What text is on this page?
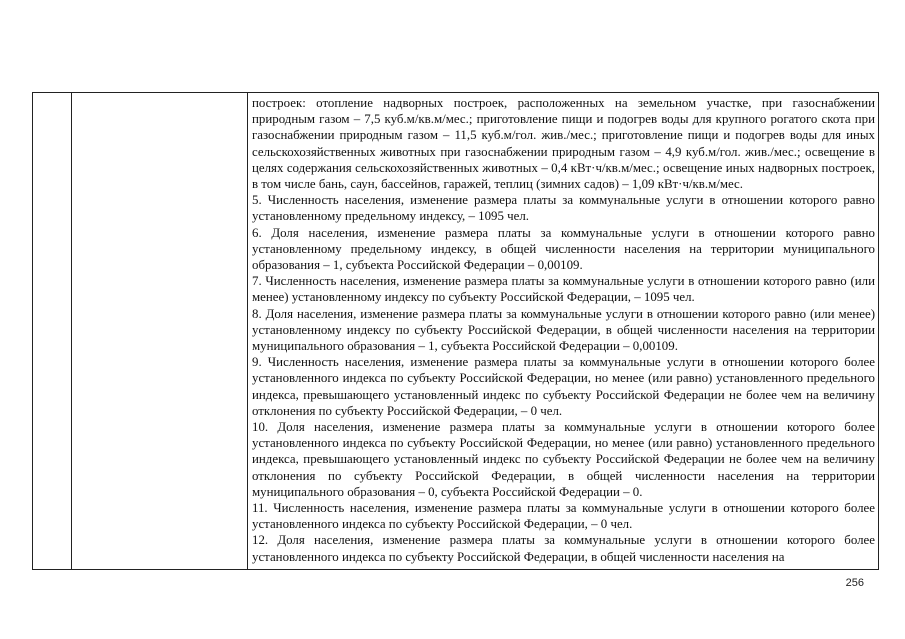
построек: отопление надворных построек, расположенных на земельном участке, при газоснабжении природным газом – 7,5 куб.м/кв.м/мес.; приготовление пищи и подогрев воды для крупного рогатого скота при газоснабжении природным газом – 11,5 куб.м/гол. жив./мес.; приготовление пищи и подогрев воды для иных сельскохозяйственных животных при газоснабжении природным газом – 4,9 куб.м/гол. жив./мес.; освещение в целях содержания сельскохозяйственных животных – 0,4 кВт·ч/кв.м/мес.; освещение иных надворных построек, в том числе бань, саун, бассейнов, гаражей, теплиц (зимних садов) – 1,09 кВт·ч/кв.м/мес.

5. Численность населения, изменение размера платы за коммунальные услуги в отношении которого равно установленному предельному индексу, – 1095 чел.

6. Доля населения, изменение размера платы за коммунальные услуги в отношении которого равно установленному предельному индексу, в общей численности населения на территории муниципального образования – 1, субъекта Российской Федерации – 0,00109.

7. Численность населения, изменение размера платы за коммунальные услуги в отношении которого равно (или менее) установленному индексу по субъекту Российской Федерации, – 1095 чел.

8. Доля населения, изменение размера платы за коммунальные услуги в отношении которого равно (или менее) установленному индексу по субъекту Российской Федерации, в общей численности населения на территории муниципального образования – 1, субъекта Российской Федерации – 0,00109.

9. Численность населения, изменение размера платы за коммунальные услуги в отношении которого более установленного индекса по субъекту Российской Федерации, но менее (или равно) установленного предельного индекса, превышающего установленный индекс по субъекту Российской Федерации не более чем на величину отклонения по субъекту Российской Федерации, – 0 чел.

10. Доля населения, изменение размера платы за коммунальные услуги в отношении которого более установленного индекса по субъекту Российской Федерации, но менее (или равно) установленного предельного индекса, превышающего установленный индекс по субъекту Российской Федерации не более чем на величину отклонения по субъекту Российской Федерации, в общей численности населения на территории муниципального образования – 0, субъекта Российской Федерации – 0.

11. Численность населения, изменение размера платы за коммунальные услуги в отношении которого более установленного индекса по субъекту Российской Федерации, – 0 чел.

12. Доля населения, изменение размера платы за коммунальные услуги в отношении которого более установленного индекса по субъекту Российской Федерации, в общей численности населения на

256
